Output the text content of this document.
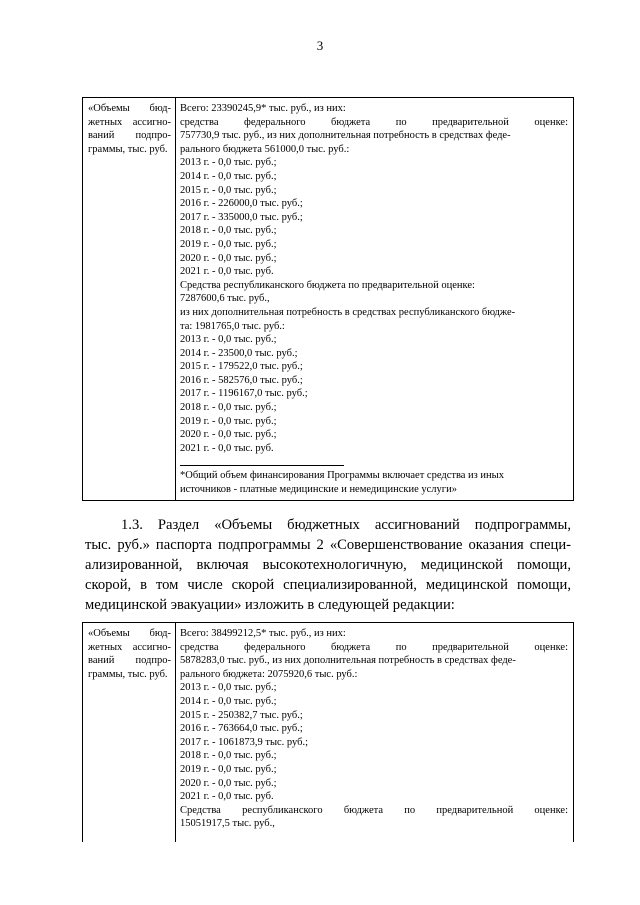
3
«Объемы бюд-
жетных ассигно-
ваний подпро-
граммы, тыс. руб.
Всего: 23390245,9* тыс. руб., из них:
средства федерального бюджета по предварительной оценке:
757730,9 тыс. руб., из них дополнительная потребность в средствах феде-
рального бюджета 561000,0 тыс. руб.:
2013 г. - 0,0 тыс. руб.;
2014 г. - 0,0 тыс. руб.;
2015 г. - 0,0 тыс. руб.;
2016 г. - 226000,0 тыс. руб.;
2017 г. - 335000,0 тыс. руб.;
2018 г. - 0,0 тыс. руб.;
2019 г. - 0,0 тыс. руб.;
2020 г. - 0,0 тыс. руб.;
2021 г. - 0,0 тыс. руб.
Средства республиканского бюджета по предварительной оценке:
7287600,6 тыс. руб.,
из них дополнительная потребность в средствах республиканского бюдже-
та: 1981765,0 тыс. руб.:
2013 г. - 0,0 тыс. руб.;
2014 г. - 23500,0 тыс. руб.;
2015 г. - 179522,0 тыс. руб.;
2016 г. - 582576,0 тыс. руб.;
2017 г. - 1196167,0 тыс. руб.;
2018 г. - 0,0 тыс. руб.;
2019 г. - 0,0 тыс. руб.;
2020 г. - 0,0 тыс. руб.;
2021 г. - 0,0 тыс. руб.
*Общий объем финансирования Программы включает средства из иных
источников - платные медицинские и немедицинские услуги»
1.3. Раздел «Объемы бюджетных ассигнований подпрограммы,
тыс. руб.» паспорта подпрограммы 2 «Совершенствование оказания специ-
ализированной, включая высокотехнологичную, медицинской помощи,
скорой, в том числе скорой специализированной, медицинской помощи,
медицинской эвакуации» изложить в следующей редакции:
«Объемы бюд-
жетных ассигно-
ваний подпро-
граммы, тыс. руб.
Всего: 38499212,5* тыс. руб., из них:
средства федерального бюджета по предварительной оценке:
5878283,0 тыс. руб., из них дополнительная потребность в средствах феде-
рального бюджета: 2075920,6 тыс. руб.:
2013 г. - 0,0 тыс. руб.;
2014 г. - 0,0 тыс. руб.;
2015 г. - 250382,7 тыс. руб.;
2016 г. - 763664,0 тыс. руб.;
2017 г. - 1061873,9 тыс. руб.;
2018 г. - 0,0 тыс. руб.;
2019 г. - 0,0 тыс. руб.;
2020 г. - 0,0 тыс. руб.;
2021 г. - 0,0 тыс. руб.
Средства республиканского бюджета по предварительной оценке:
15051917,5 тыс. руб.,
